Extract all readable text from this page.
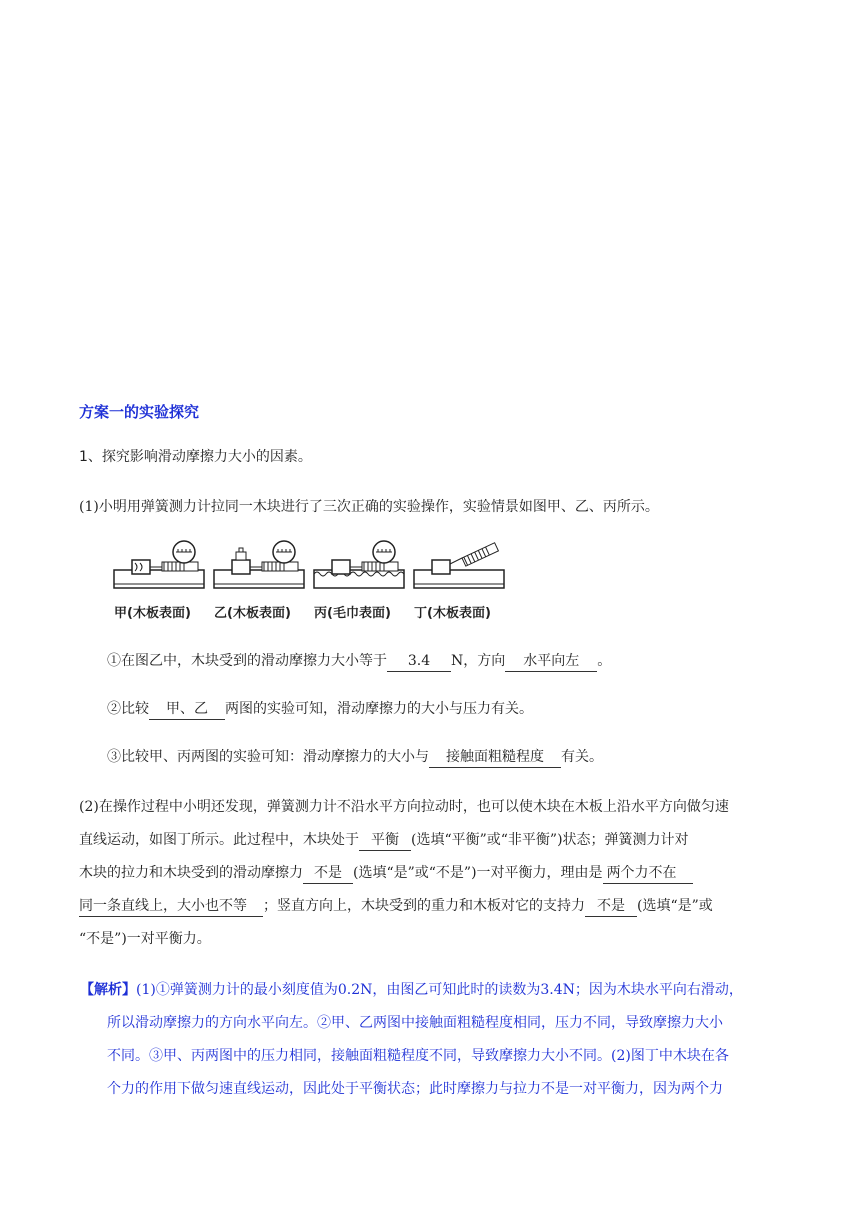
方案一的实验探究
1、探究影响滑动摩擦力大小的因素。
(1)小明用弹簧测力计拉同一木块进行了三次正确的实验操作，实验情景如图甲、乙、丙所示。
甲(木板表面) 乙(木板表面) 丙(毛巾表面) 丁(木板表面)
①在图乙中，木块受到的滑动摩擦力大小等于 3.4 N，方向 水平向左 。
②比较 甲、乙 两图的实验可知，滑动摩擦力的大小与压力有关。
③比较甲、丙两图的实验可知：滑动摩擦力的大小与 接触面粗糙程度 有关。
(2)在操作过程中小明还发现，弹簧测力计不沿水平方向拉动时，也可以使木块在木板上沿水平方向做匀速
直线运动，如图丁所示。此过程中，木块处于 平衡 (选填“平衡”或“非平衡”)状态；弹簧测力计对
木块的拉力和木块受到的滑动摩擦力 不是 (选填“是”或“不是”)一对平衡力，理由是 两个力不在
同一条直线上，大小也不等 ；竖直方向上，木块受到的重力和木板对它的支持力 不是 (选填“是”或
“不是”)一对平衡力。
【解析】(1)①弹簧测力计的最小刻度值为0.2N，由图乙可知此时的读数为3.4N；因为木块水平向右滑动，
所以滑动摩擦力的方向水平向左。②甲、乙两图中接触面粗糙程度相同，压力不同，导致摩擦力大小
不同。③甲、丙两图中的压力相同，接触面粗糙程度不同，导致摩擦力大小不同。(2)图丁中木块在各
个力的作用下做匀速直线运动，因此处于平衡状态；此时摩擦力与拉力不是一对平衡力，因为两个力
